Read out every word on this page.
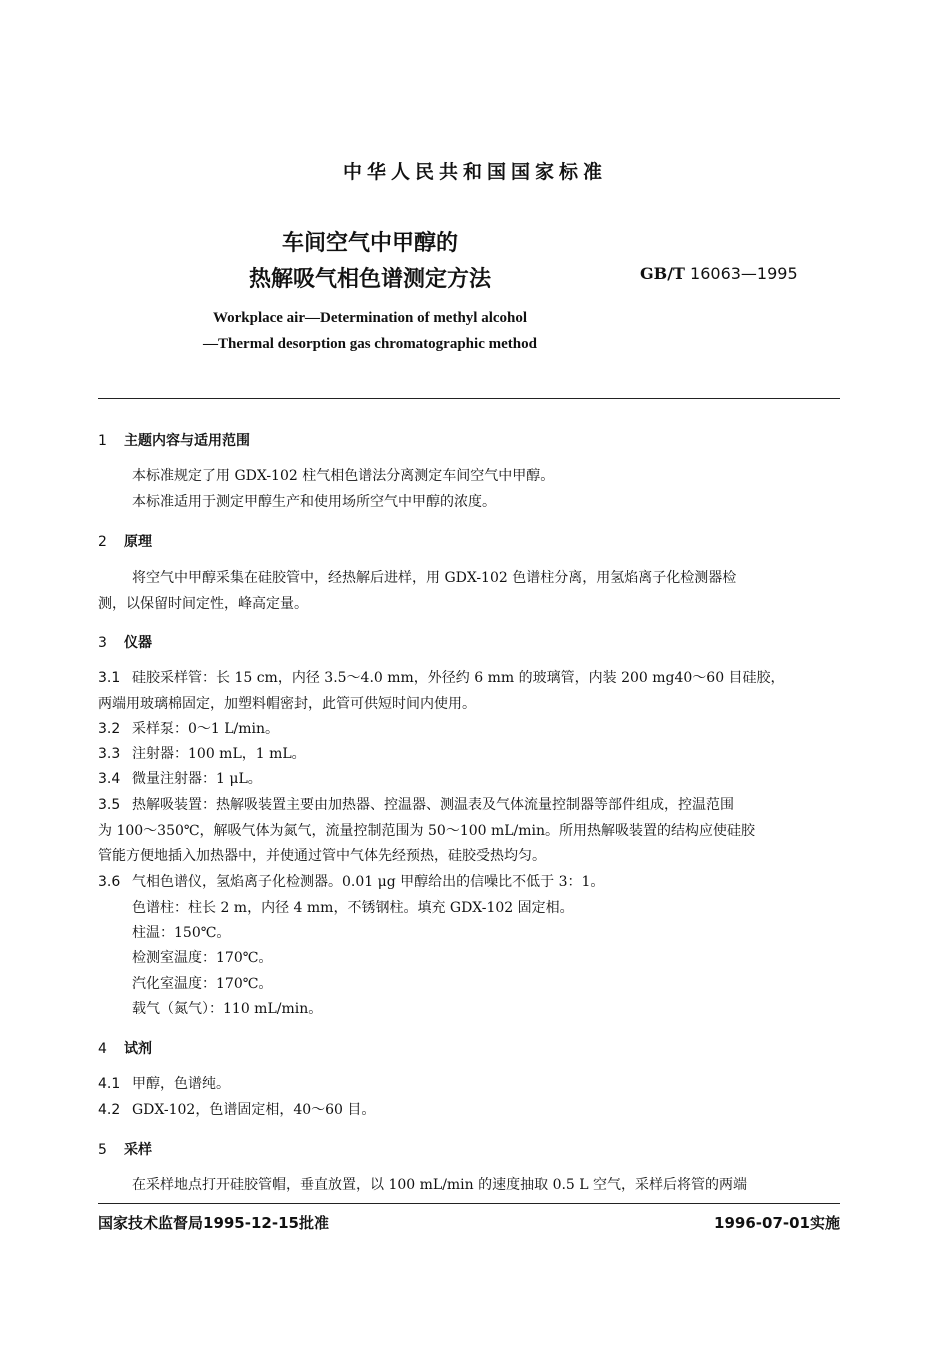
中华人民共和国国家标准
车间空气中甲醇的
热解吸气相色谱测定方法	GB/T 16063—1995
Workplace air—Determination of methyl alcohol
—Thermal desorption gas chromatographic method
1 主题内容与适用范围
本标准规定了用 GDX-102 柱气相色谱法分离测定车间空气中甲醇。
本标准适用于测定甲醇生产和使用场所空气中甲醇的浓度。
2 原理
将空气中甲醇采集在硅胶管中，经热解后进样，用 GDX-102 色谱柱分离，用氢焰离子化检测器检
测，以保留时间定性，峰高定量。
3 仪器
3.1 硅胶采样管：长 15 cm，内径 3.5～4.0 mm，外径约 6 mm 的玻璃管，内装 200 mg40～60 目硅胶，
两端用玻璃棉固定，加塑料帽密封，此管可供短时间内使用。
3.2 采样泵：0～1 L/min。
3.3 注射器：100 mL，1 mL。
3.4 微量注射器：1 μL。
3.5 热解吸装置：热解吸装置主要由加热器、控温器、测温表及气体流量控制器等部件组成，控温范围
为 100～350℃，解吸气体为氮气，流量控制范围为 50～100 mL/min。所用热解吸装置的结构应使硅胶
管能方便地插入加热器中，并使通过管中气体先经预热，硅胶受热均匀。
3.6 气相色谱仪，氢焰离子化检测器。0.01 μg 甲醇给出的信噪比不低于 3：1。
色谱柱：柱长 2 m，内径 4 mm，不锈钢柱。填充 GDX-102 固定相。
柱温：150℃。
检测室温度：170℃。
汽化室温度：170℃。
载气（氮气）：110 mL/min。
4 试剂
4.1 甲醇，色谱纯。
4.2 GDX-102，色谱固定相，40～60 目。
5 采样
在采样地点打开硅胶管帽，垂直放置，以 100 mL/min 的速度抽取 0.5 L 空气，采样后将管的两端
国家技术监督局1995-12-15批准	1996-07-01实施
